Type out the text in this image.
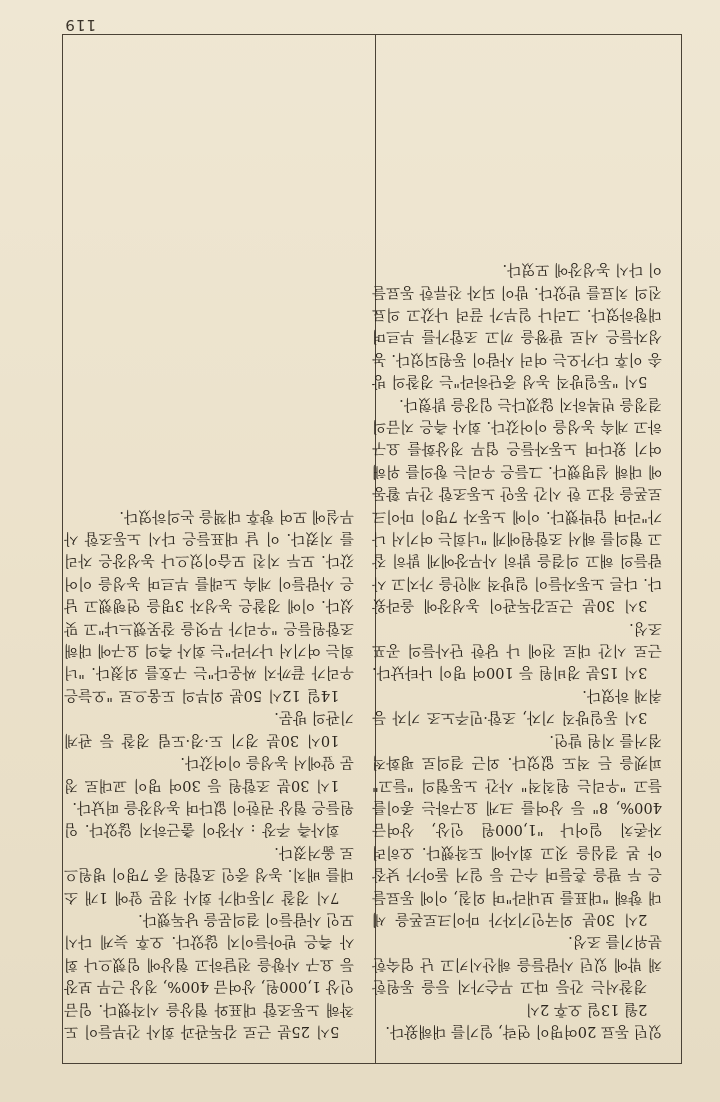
119

5시 25분 근로 감독관과 회사 간부들이 도착해 노동조합 대표와 협상을 시작했다. 임금인상 1,000원, 상여금 400%, 정상 근무 보장 등 요구 사항을 전달하고 협상에 임했으나 회사 측은 받아들이지 않았다. 오후 늦게 다시 모인 사람들이 결의문을 낭독했다.

7시 경찰 기동대가 회사 정문 앞에 1개 소대를 배치. 농성 중인 조합원 중 7명이 병원으로 옮겨졌다.

회사측 주장 : 사장이 출근하지 않았다. 임원들은 협상 권한이 없다며 농성장을 떠났다.

1시 30분 조합원 등 30여 명이 교대로 정문 앞에서 농성을 이어갔다.

10시 30분 경기 도·경·도립 경찰 등 관계 기관의 방문.

14일 12시 50분 외부의 도움으로 "오늘은 우리가 끝까지 싸운다"는 구호를 외쳤다. "너희는 여기서 나가라"는 회사 측의 요구에 대해 조합원들은 "우리가 무엇을 잘못했느냐"고 맞섰다. 이에 경찰은 농성자 3명을 연행했고 남은 사람들이 계속 노래를 부르며 농성을 이어갔다. 모두 지친 모습이었으나 농성장은 자리를 지켰다. 이 날 대표들은 다시 노동조합 사무실에 모여 향후 대책을 논의하였다.

있던 동료 20여명이 연락, 일기를 대해왔다.

2월 13일 오후 2시

경찰서는 간등 따고 무슨가지 등을 동원한 채 밖에 있던 사람들을 해산시키고 난 엄숙한 분위기를 조성.

2시 30분 외국인기자가 마이크로폰을 세 대 향해 "대표를 보내라"며 외칠, 이에 동료들은 두 팔을 흔들며 수근 등 일거 돌아가 낮잡아 본 결심을 짓고 회사에 도착했다. 오히려 자존치 일어나 "1,000원 인상, 상여금 400%, 8" 등 상여를 크게 요구하는 종이를 들고 "우리는 원칙적" 사간 노동협의 "들고" 피켓을 든 적도 없었다. 외근 결의로 평화적 점거를 지원 발언.

3시 동일방직 기자, 조합·민주노조 기자 등 취재 하였다.

3시 15분 경비원 등 100여 명이 나타났다. 근로 시간 대로 전에 나 당한 단사들의 공포 조성.

3시 30분 근로감독관이 농성장에 올라왔다. 다른 노동자들이 일방적 제안을 가지고 사람들의 해고 의결을 밝히 사무장에게 밝히 잡고 협의를 해서 조합원에게 "너희는 여기서 나가"라며 압박했다. 이에 노동자 7명이 마이크로폰을 잡고 한 시간 동안 노동조합 간부 활동에 대해 설명했다. 그들은 우리는 항의를 위해 여기 왔다며 노동자들은 업무 정상화를 요구하고 계속 농성을 이어갔다. 회사 측은 지금의 결정을 번복하지 않겠다는 입장을 밝혔다.

5시 "동일방직 농성 중단하라"는 경찰의 방송 이후 다가오는 여러 사람이 동원되었다. 농성자들은 서로 팔짱을 끼고 조합가를 부르며 대항하였다. 그러나 일부가 끌려 나갔고 의료진의 치료를 받았다. 밤이 되자 잔류한 동료들이 다시 농성장에 모였다.
